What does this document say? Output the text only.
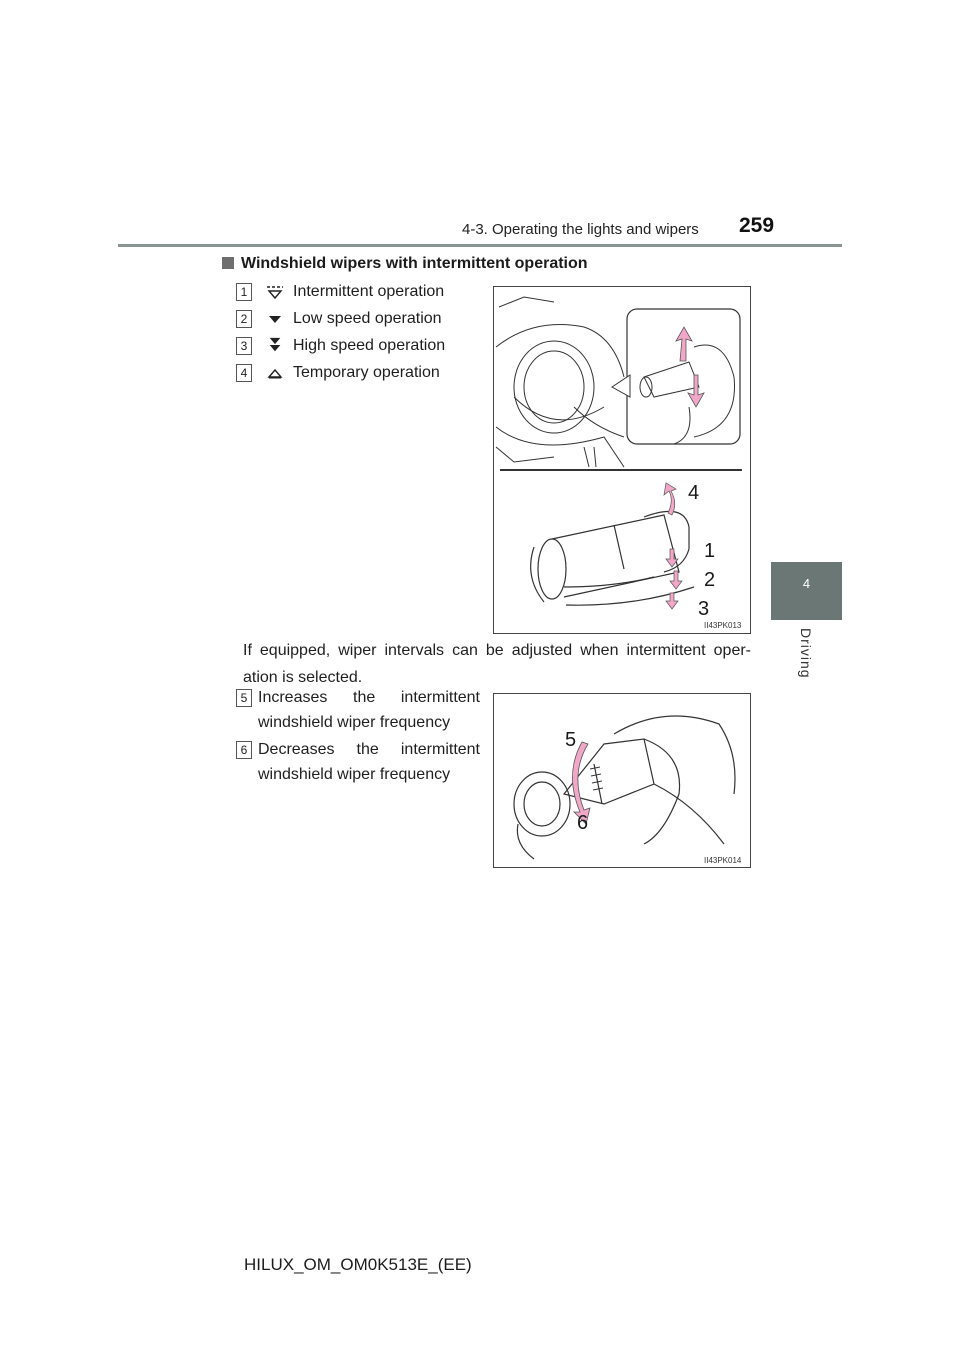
4-3. Operating the lights and wipers 259
4
Driving
Windshield wipers with intermittent operation
1	Intermittent operation
2	Low speed operation
3	High speed operation
4	Temporary operation
4
1
2
3
II43PK013
If equipped, wiper intervals can be adjusted when intermittent oper-ation is selected.
5 Increases the intermittent windshield wiper frequency
6 Decreases the intermittent windshield wiper frequency
5
6
II43PK014
HILUX_OM_OM0K513E_(EE)
